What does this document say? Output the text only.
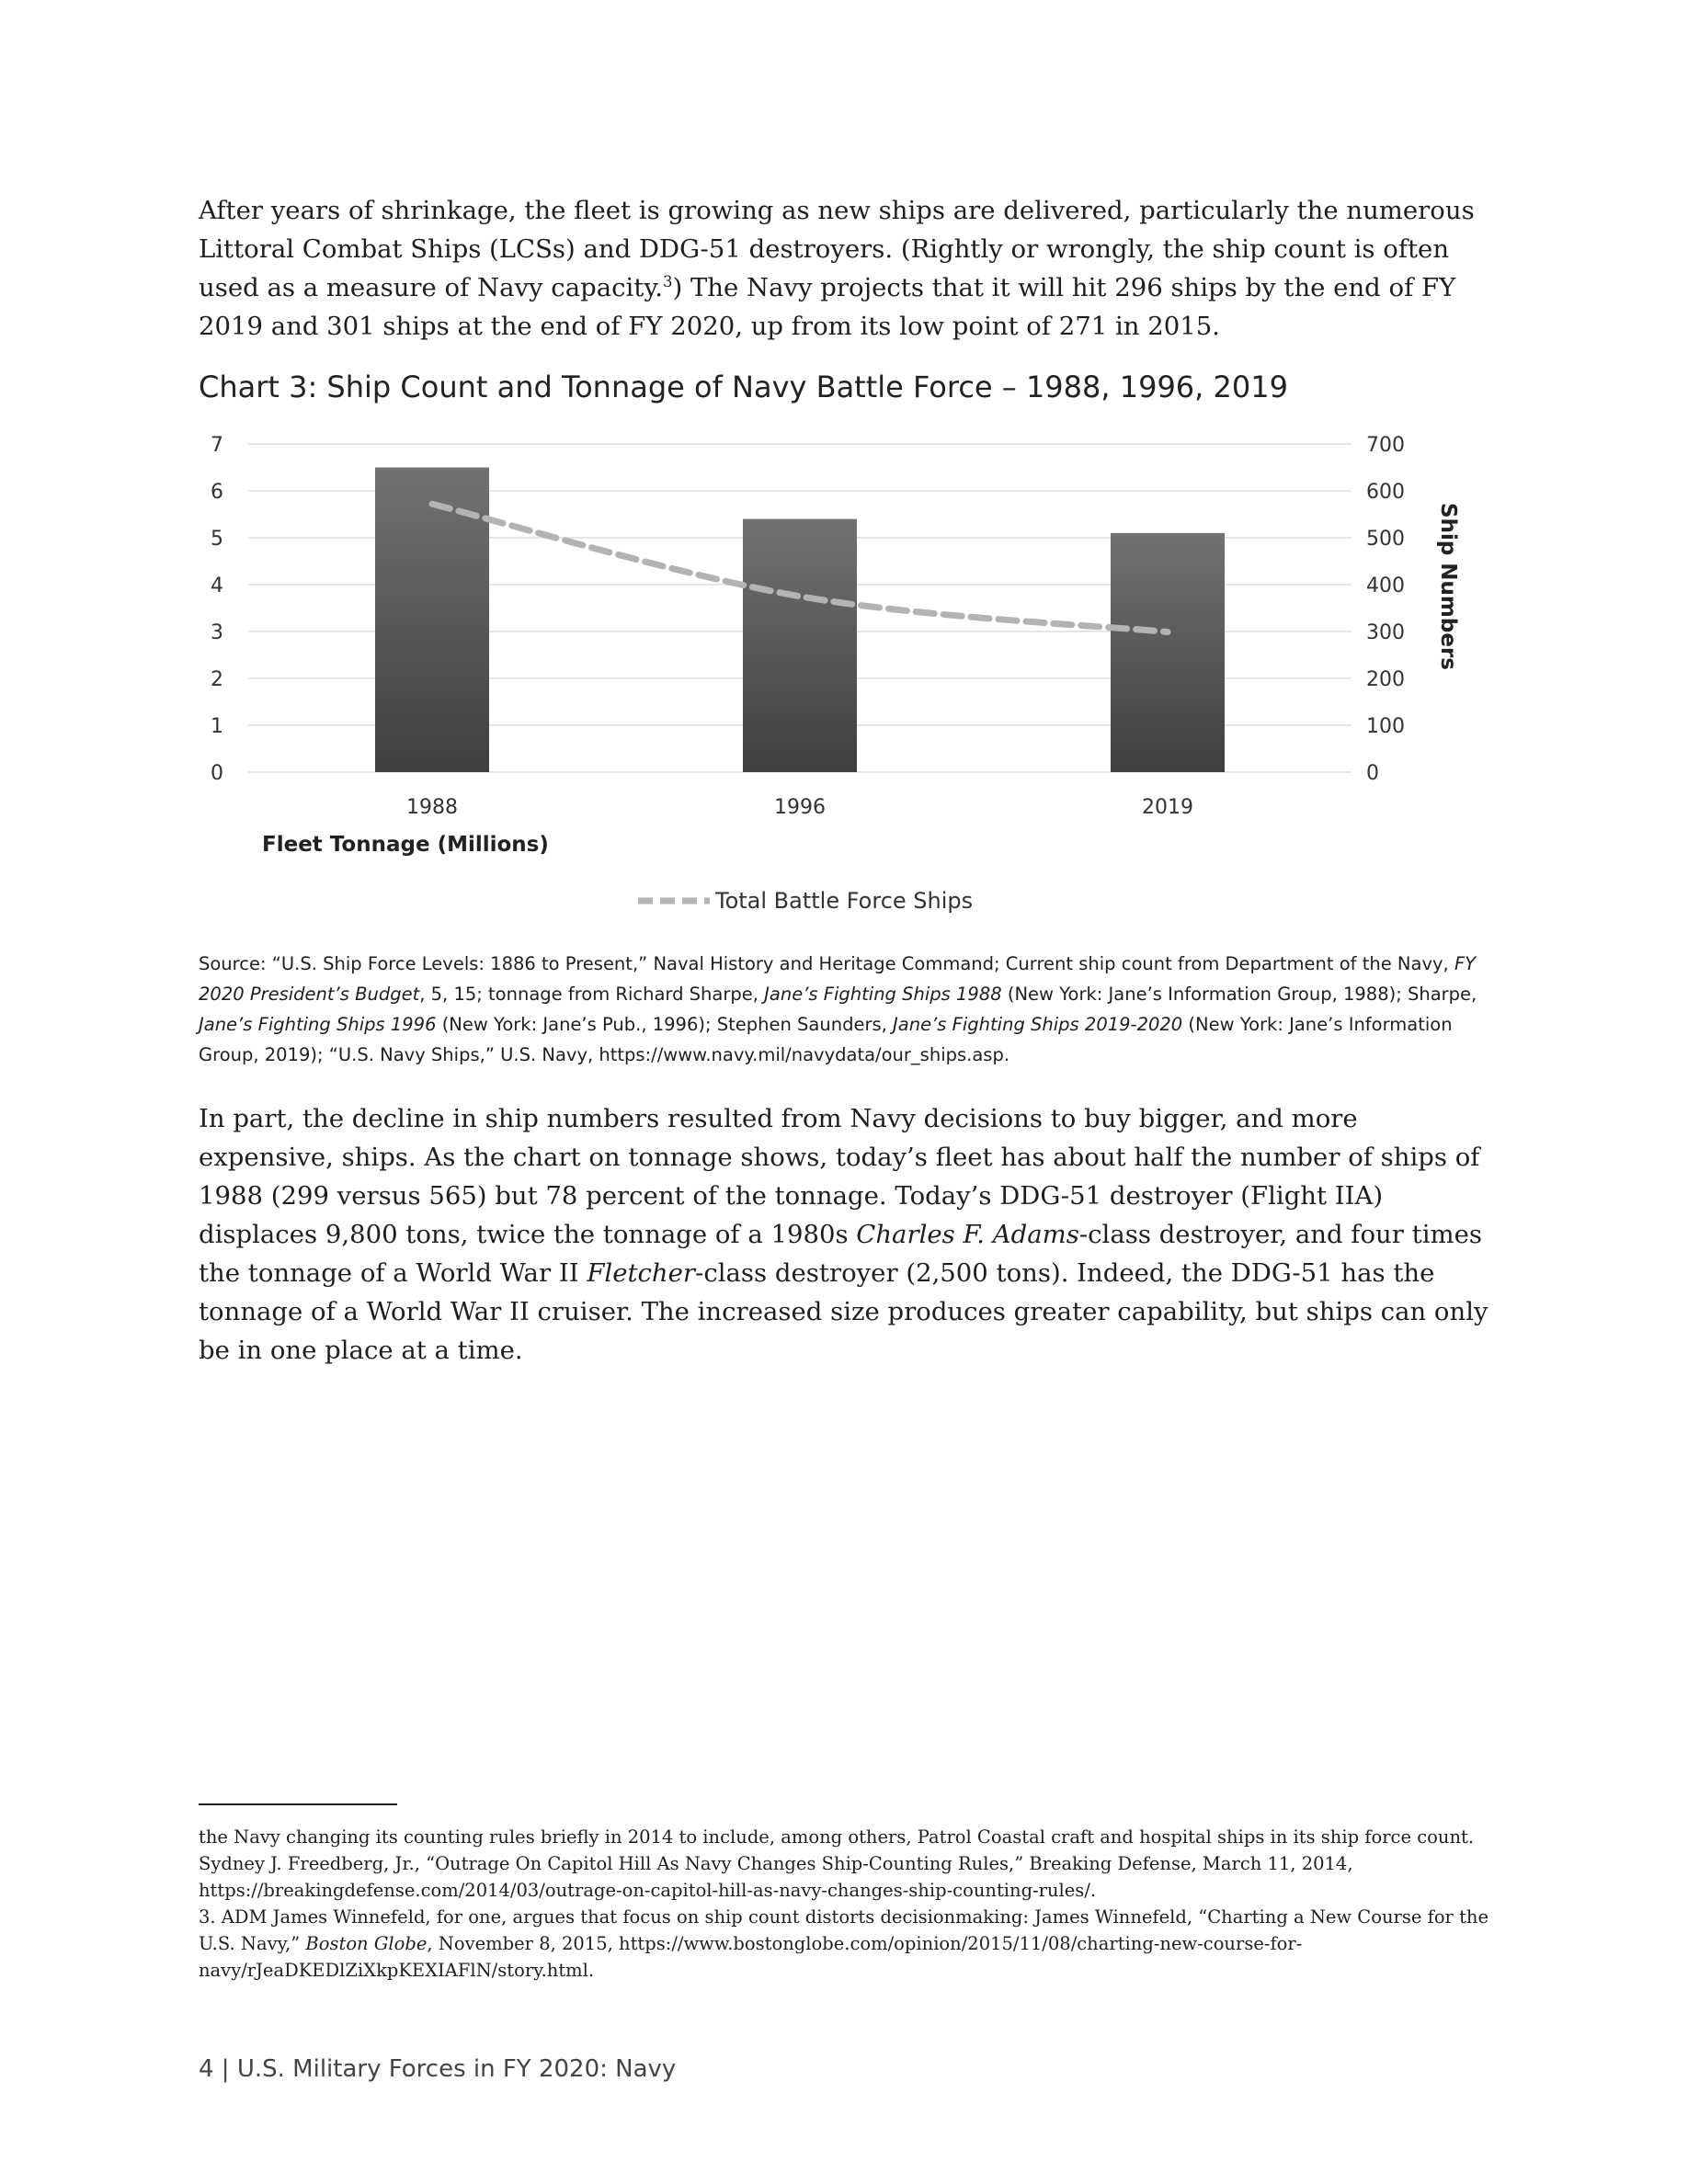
After years of shrinkage, the fleet is growing as new ships are delivered, particularly the numerous Littoral Combat Ships (LCSs) and DDG-51 destroyers. (Rightly or wrongly, the ship count is often used as a measure of Navy capacity.$^3$) The Navy projects that it will hit 296 ships by the end of FY 2019 and 301 ships at the end of FY 2020, up from its low point of 271 in 2015.

Chart 3: Ship Count and Tonnage of Navy Battle Force – 1988, 1996, 2019
0
1
2
3
4
5
6
7
0
100
200
300
400
500
600
700
1988	1996	2019
Fleet Tonnage (Millions)
Ship Numbers
Total Battle Force Ships

Source: “U.S. Ship Force Levels: 1886 to Present,” Naval History and Heritage Command; Current ship count from Department of the Navy, FY 2020 President’s Budget, 5, 15; tonnage from Richard Sharpe, Jane’s Fighting Ships 1988 (New York: Jane’s Information Group, 1988); Sharpe, Jane’s Fighting Ships 1996 (New York: Jane’s Pub., 1996); Stephen Saunders, Jane’s Fighting Ships 2019-2020 (New York: Jane’s Information Group, 2019); “U.S. Navy Ships,” U.S. Navy, https://www.navy.mil/navydata/our_ships.asp.

In part, the decline in ship numbers resulted from Navy decisions to buy bigger, and more expensive, ships. As the chart on tonnage shows, today’s fleet has about half the number of ships of 1988 (299 versus 565) but 78 percent of the tonnage. Today’s DDG-51 destroyer (Flight IIA) displaces 9,800 tons, twice the tonnage of a 1980s Charles F. Adams-class destroyer, and four times the tonnage of a World War II Fletcher-class destroyer (2,500 tons). Indeed, the DDG-51 has the tonnage of a World War II cruiser. The increased size produces greater capability, but ships can only be in one place at a time.

the Navy changing its counting rules briefly in 2014 to include, among others, Patrol Coastal craft and hospital ships in its ship force count. Sydney J. Freedberg, Jr., “Outrage On Capitol Hill As Navy Changes Ship-Counting Rules,” Breaking Defense, March 11, 2014, https://breakingdefense.com/2014/03/outrage-on-capitol-hill-as-navy-changes-ship-counting-rules/.

3. ADM James Winnefeld, for one, argues that focus on ship count distorts decisionmaking: James Winnefeld, “Charting a New Course for the U.S. Navy,” Boston Globe, November 8, 2015, https://www.bostonglobe.com/opinion/2015/11/08/charting-new-course-for-navy/rJeaDKEDlZiXkpKEXIAFlN/story.html.

4 | U.S. Military Forces in FY 2020: Navy
